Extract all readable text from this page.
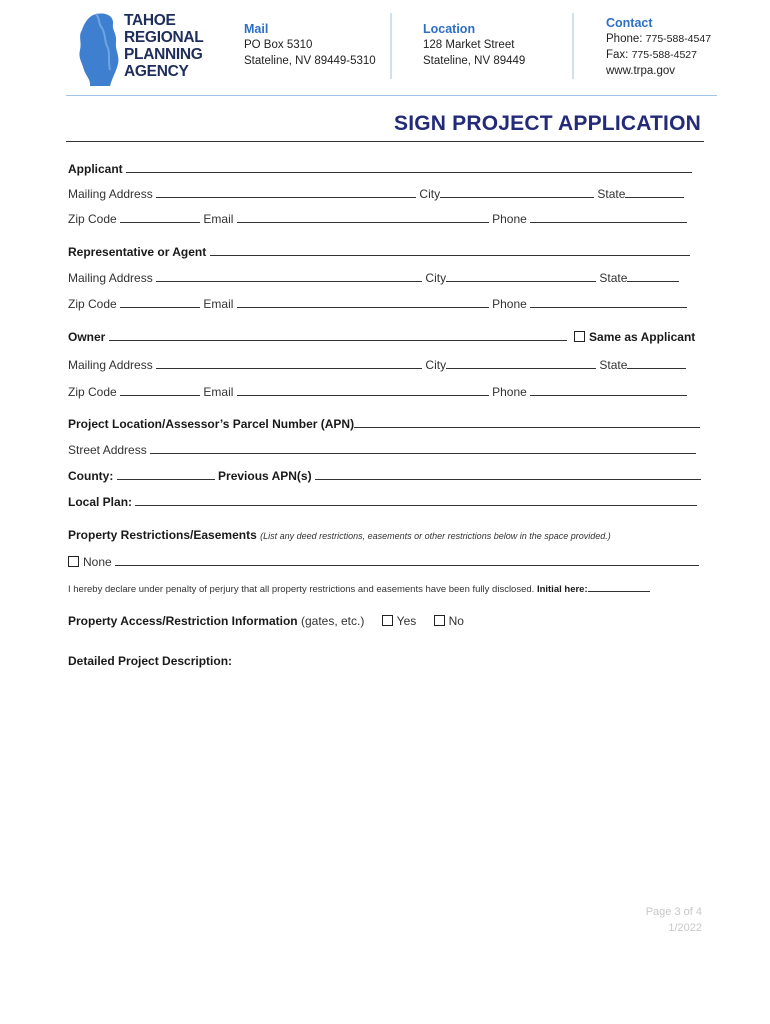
TAHOE
REGIONAL
PLANNING
AGENCY
Mail
PO Box 5310
Stateline, NV 89449-5310
Location
128 Market Street
Stateline, NV 89449
Contact
Phone: 775-588-4547
Fax: 775-588-4527
www.trpa.gov
SIGN PROJECT APPLICATION
Applicant
Mailing Address	City	State
Zip Code	Email	Phone
Representative or Agent
Mailing Address	City	State
Zip Code	Email	Phone
Owner	Same as Applicant
Mailing Address	City	State
Zip Code	Email	Phone
Project Location/Assessor’s Parcel Number (APN)
Street Address
County:	Previous APN(s)
Local Plan:
Property Restrictions/Easements (List any deed restrictions, easements or other restrictions below in the space provided.)
None
I hereby declare under penalty of perjury that all property restrictions and easements have been fully disclosed. Initial here:
Property Access/Restriction Information (gates, etc.)	Yes	No
Detailed Project Description:
Page 3 of 4
1/2022
